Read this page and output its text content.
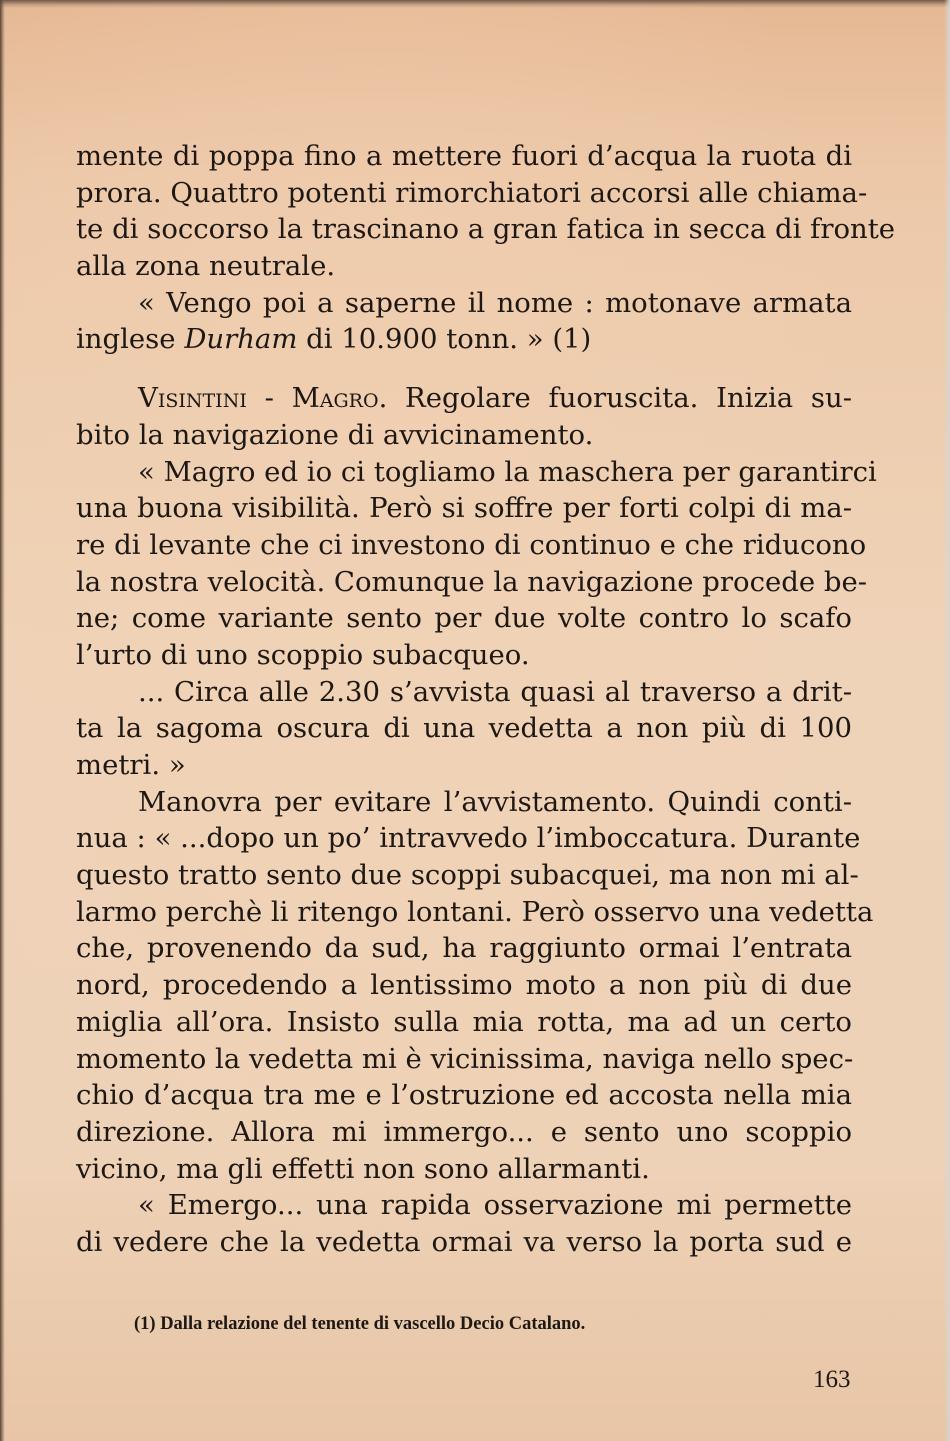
mente di poppa fino a mettere fuori d’acqua la ruota di
prora. Quattro potenti rimorchiatori accorsi alle chiama-
te di soccorso la trascinano a gran fatica in secca di fronte
alla zona neutrale.
« Vengo poi a saperne il nome : motonave armata
inglese Durham di 10.900 tonn. » (1)
Visintini - Magro. Regolare fuoruscita. Inizia su-
bito la navigazione di avvicinamento.
« Magro ed io ci togliamo la maschera per garantirci
una buona visibilità. Però si soffre per forti colpi di ma-
re di levante che ci investono di continuo e che riducono
la nostra velocità. Comunque la navigazione procede be-
ne; come variante sento per due volte contro lo scafo
l’urto di uno scoppio subacqueo.
... Circa alle 2.30 s’avvista quasi al traverso a drit-
ta la sagoma oscura di una vedetta a non più di 100
metri. »
Manovra per evitare l’avvistamento. Quindi conti-
nua : « ...dopo un po’ intravvedo l’imboccatura. Durante
questo tratto sento due scoppi subacquei, ma non mi al-
larmo perchè li ritengo lontani. Però osservo una vedetta
che, provenendo da sud, ha raggiunto ormai l’entrata
nord, procedendo a lentissimo moto a non più di due
miglia all’ora. Insisto sulla mia rotta, ma ad un certo
momento la vedetta mi è vicinissima, naviga nello spec-
chio d’acqua tra me e l’ostruzione ed accosta nella mia
direzione. Allora mi immergo... e sento uno scoppio
vicino, ma gli effetti non sono allarmanti.
« Emergo... una rapida osservazione mi permette
di vedere che la vedetta ormai va verso la porta sud e
(1) Dalla relazione del tenente di vascello Decio Catalano.
163
